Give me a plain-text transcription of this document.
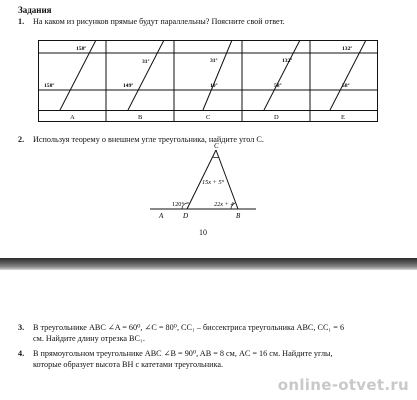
Задания
1. На каком из рисунков прямые будут параллельны? Поясните свой ответ.
158º
158º
A
31º
149º
B
31º
10º
C
132º
58º
D
132º
58º
E
2. Используя теорему о внешнем угле треугольника, найдите угол C.
C
15x + 5°
120°	22x + 4
A	D	B
10
3. В треугольнике ABC ∠A = 60⁰, ∠C = 80⁰, CC₁ – биссектриса треугольника ABC, CC₁ = 6
см. Найдите длину отрезка BC₁.
4. В прямоугольном треугольнике ABC ∠B = 90⁰, AB = 8 см, AC = 16 см. Найдите углы,
которые образует высота BH с катетами треугольника.
online-otvet.ru
